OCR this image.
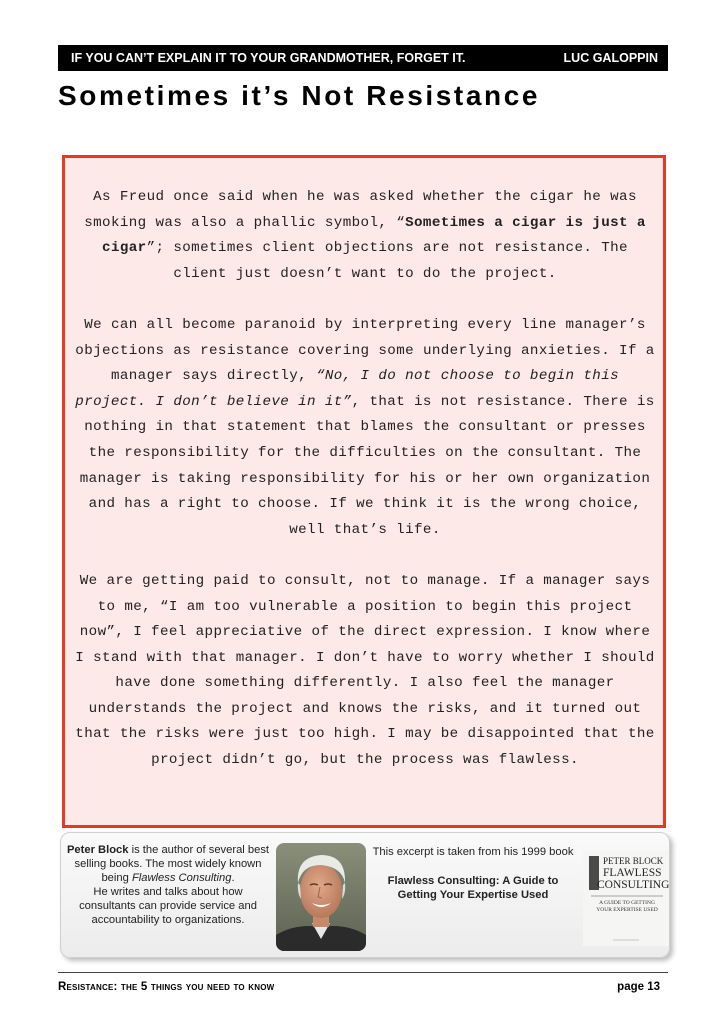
IF YOU CAN’T EXPLAIN IT TO YOUR GRANDMOTHER, FORGET IT.	LUC GALOPPIN
Sometimes it’s Not Resistance

As Freud once said when he was asked whether the cigar he was smoking was also a phallic symbol, “Sometimes a cigar is just a cigar”; sometimes client objections are not resistance. The client just doesn’t want to do the project.

We can all become paranoid by interpreting every line manager’s objections as resistance covering some underlying anxieties. If a manager says directly, “No, I do not choose to begin this project. I don’t believe in it”, that is not resistance. There is nothing in that statement that blames the consultant or presses the responsibility for the difficulties on the consultant. The manager is taking responsibility for his or her own organization and has a right to choose. If we think it is the wrong choice, well that’s life.

We are getting paid to consult, not to manage. If a manager says to me, “I am too vulnerable a position to begin this project now”, I feel appreciative of the direct expression. I know where I stand with that manager. I don’t have to worry whether I should have done something differently. I also feel the manager understands the project and knows the risks, and it turned out that the risks were just too high. I may be disappointed that the project didn’t go, but the process was flawless.

Peter Block is the author of several best selling books. The most widely known being Flawless Consulting.

He writes and talks about how consultants can provide service and accountability to organizations.

This excerpt is taken from his 1999 book

Flawless Consulting: A Guide to Getting Your Expertise Used

PETER BLOCK
FLAWLESS
CONSULTING
A GUIDE TO GETTING YOUR EXPERTISE USED
Resistance: the 5 things you need to know	page 13
